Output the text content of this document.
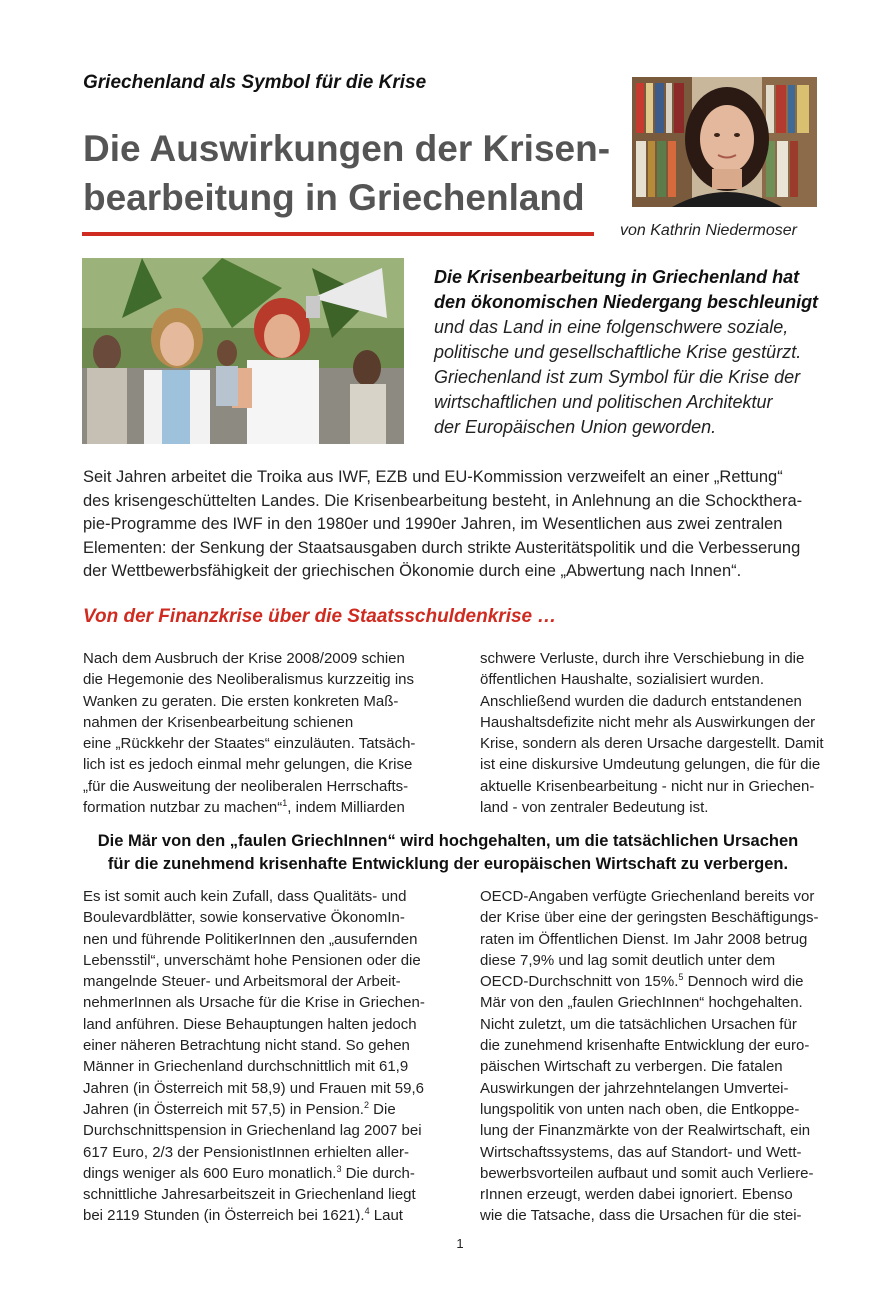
Griechenland als Symbol für die Krise
Die Auswirkungen der Krisen-
bearbeitung in Griechenland
von Kathrin Niedermoser
Die Krisenbearbeitung in Griechenland hat
den ökonomischen Niedergang beschleunigt
und das Land in eine folgenschwere soziale,
politische und gesellschaftliche Krise gestürzt.
Griechenland ist zum Symbol für die Krise der
wirtschaftlichen und politischen Architektur
der Europäischen Union geworden.
Seit Jahren arbeitet die Troika aus IWF, EZB und EU-Kommission verzweifelt an einer „Rettung“
des krisengeschüttelten Landes. Die Krisenbearbeitung besteht, in Anlehnung an die Schockthera-
pie-Programme des IWF in den 1980er und 1990er Jahren, im Wesentlichen aus zwei zentralen
Elementen: der Senkung der Staatsausgaben durch strikte Austeritätspolitik und die Verbesserung
der Wettbewerbsfähigkeit der griechischen Ökonomie durch eine „Abwertung nach Innen“.
Von der Finanzkrise über die Staatsschuldenkrise …
Nach dem Ausbruch der Krise 2008/2009 schien
die Hegemonie des Neoliberalismus kurzzeitig ins
Wanken zu geraten. Die ersten konkreten Maß-
nahmen der Krisenbearbeitung schienen
eine „Rückkehr der Staates“ einzuläuten. Tatsäch-
lich ist es jedoch einmal mehr gelungen, die Krise
„für die Ausweitung der neoliberalen Herrschafts-
formation nutzbar zu machen“$^1$, indem Milliarden
schwere Verluste, durch ihre Verschiebung in die
öffentlichen Haushalte, sozialisiert wurden.
Anschließend wurden die dadurch entstandenen
Haushaltsdefizite nicht mehr als Auswirkungen der
Krise, sondern als deren Ursache dargestellt. Damit
ist eine diskursive Umdeutung gelungen, die für die
aktuelle Krisenbearbeitung - nicht nur in Griechen-
land - von zentraler Bedeutung ist.
Die Mär von den „faulen GriechInnen“ wird hochgehalten, um die tatsächlichen Ursachen
für die zunehmend krisenhafte Entwicklung der europäischen Wirtschaft zu verbergen.
Es ist somit auch kein Zufall, dass Qualitäts- und
Boulevardblätter, sowie konservative ÖkonomIn-
nen und führende PolitikerInnen den „ausufernden
Lebensstil“, unverschämt hohe Pensionen oder die
mangelnde Steuer- und Arbeitsmoral der Arbeit-
nehmerInnen als Ursache für die Krise in Griechen-
land anführen. Diese Behauptungen halten jedoch
einer näheren Betrachtung nicht stand. So gehen
Männer in Griechenland durchschnittlich mit 61,9
Jahren (in Österreich mit 58,9) und Frauen mit 59,6
Jahren (in Österreich mit 57,5) in Pension.$^2$ Die
Durchschnittspension in Griechenland lag 2007 bei
617 Euro, 2/3 der PensionistInnen erhielten aller-
dings weniger als 600 Euro monatlich.$^3$ Die durch-
schnittliche Jahresarbeitszeit in Griechenland liegt
bei 2119 Stunden (in Österreich bei 1621).$^4$ Laut
OECD-Angaben verfügte Griechenland bereits vor
der Krise über eine der geringsten Beschäftigungs-
raten im Öffentlichen Dienst. Im Jahr 2008 betrug
diese 7,9% und lag somit deutlich unter dem
OECD-Durchschnitt von 15%.$^5$ Dennoch wird die
Mär von den „faulen GriechInnen“ hochgehalten.
Nicht zuletzt, um die tatsächlichen Ursachen für
die zunehmend krisenhafte Entwicklung der euro-
päischen Wirtschaft zu verbergen. Die fatalen
Auswirkungen der jahrzehntelangen Umvertei-
lungspolitik von unten nach oben, die Entkoppe-
lung der Finanzmärkte von der Realwirtschaft, ein
Wirtschaftssystems, das auf Standort- und Wett-
bewerbsvorteilen aufbaut und somit auch Verliere-
rInnen erzeugt, werden dabei ignoriert. Ebenso
wie die Tatsache, dass die Ursachen für die stei-
1
